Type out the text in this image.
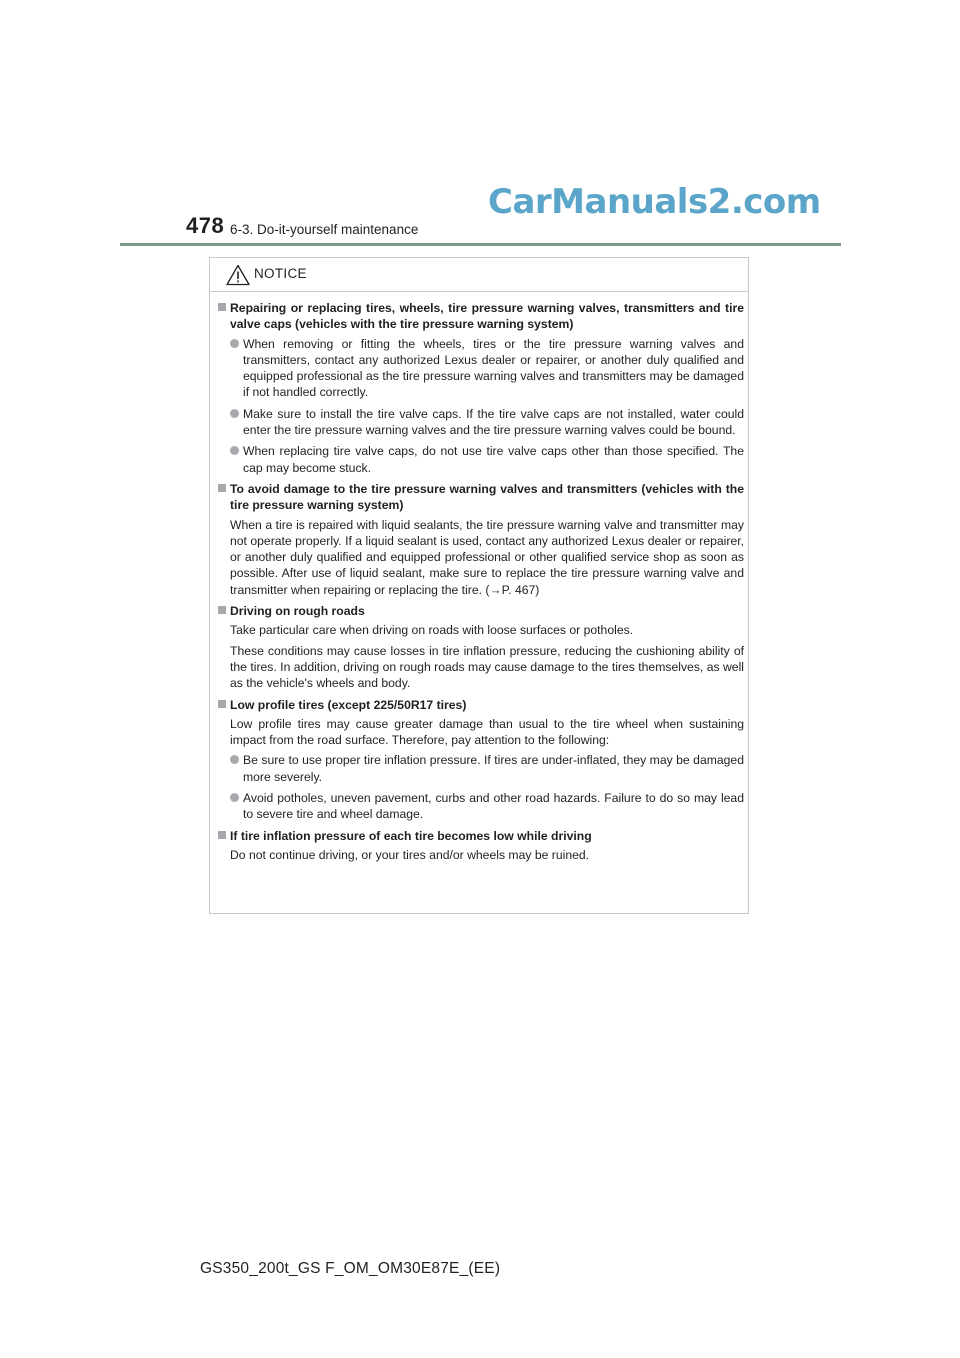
478 6-3. Do-it-yourself maintenance
CarManuals2.com
NOTICE
Repairing or replacing tires, wheels, tire pressure warning valves, transmitters and tire valve caps (vehicles with the tire pressure warning system)
When removing or fitting the wheels, tires or the tire pressure warning valves and transmitters, contact any authorized Lexus dealer or repairer, or another duly qualified and equipped professional as the tire pressure warning valves and transmitters may be damaged if not handled correctly.
Make sure to install the tire valve caps. If the tire valve caps are not installed, water could enter the tire pressure warning valves and the tire pressure warning valves could be bound.
When replacing tire valve caps, do not use tire valve caps other than those specified. The cap may become stuck.
To avoid damage to the tire pressure warning valves and transmitters (vehicles with the tire pressure warning system)
When a tire is repaired with liquid sealants, the tire pressure warning valve and transmitter may not operate properly. If a liquid sealant is used, contact any authorized Lexus dealer or repairer, or another duly qualified and equipped professional or other qualified service shop as soon as possible. After use of liquid sealant, make sure to replace the tire pressure warning valve and transmitter when repairing or replacing the tire. (→P. 467)
Driving on rough roads
Take particular care when driving on roads with loose surfaces or potholes.
These conditions may cause losses in tire inflation pressure, reducing the cushioning ability of the tires. In addition, driving on rough roads may cause damage to the tires themselves, as well as the vehicle's wheels and body.
Low profile tires (except 225/50R17 tires)
Low profile tires may cause greater damage than usual to the tire wheel when sustaining impact from the road surface. Therefore, pay attention to the following:
Be sure to use proper tire inflation pressure. If tires are under-inflated, they may be damaged more severely.
Avoid potholes, uneven pavement, curbs and other road hazards. Failure to do so may lead to severe tire and wheel damage.
If tire inflation pressure of each tire becomes low while driving
Do not continue driving, or your tires and/or wheels may be ruined.
GS350_200t_GS F_OM_OM30E87E_(EE)
